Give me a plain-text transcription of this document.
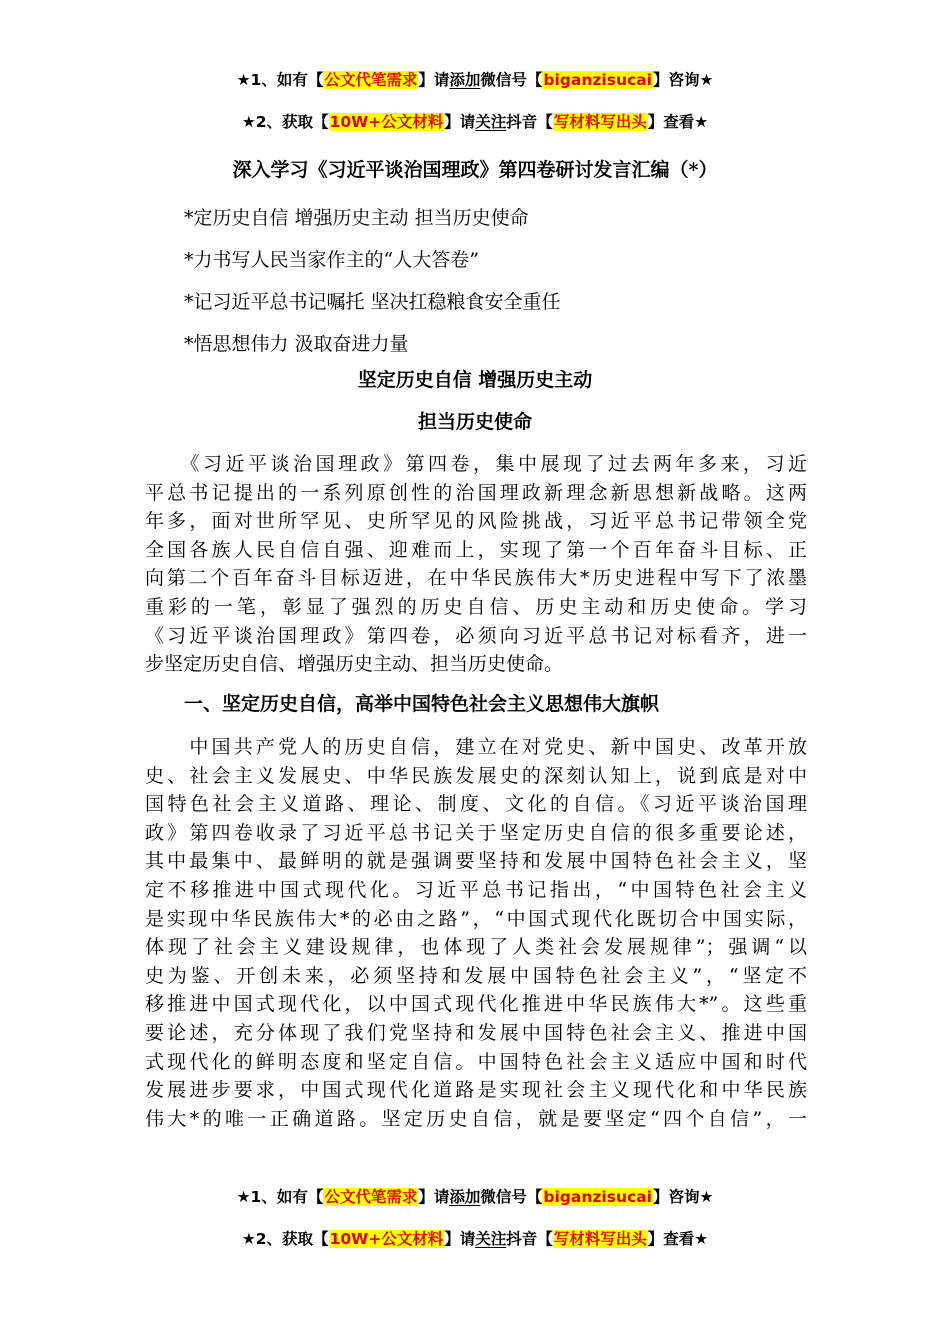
★1、如有【公文代笔需求】请添加微信号【biganzisucai】咨询★
★2、获取【10W+公文材料】请关注抖音【写材料写出头】查看★
深入学习《习近平谈治国理政》第四卷研讨发言汇编（*）
*定历史自信 增强历史主动 担当历史使命
*力书写人民当家作主的“人大答卷”
*记习近平总书记嘱托 坚决扛稳粮食安全重任
*悟思想伟力 汲取奋进力量
坚定历史自信 增强历史主动
担当历史使命
　　《习近平谈治国理政》第四卷，集中展现了过去两年多来，习近
平总书记提出的一系列原创性的治国理政新理念新思想新战略。这两
年多，面对世所罕见、史所罕见的风险挑战，习近平总书记带领全党
全国各族人民自信自强、迎难而上，实现了第一个百年奋斗目标、正
向第二个百年奋斗目标迈进，在中华民族伟大*历史进程中写下了浓墨
重彩的一笔，彰显了强烈的历史自信、历史主动和历史使命。学习
《习近平谈治国理政》第四卷，必须向习近平总书记对标看齐，进一
步坚定历史自信、增强历史主动、担当历史使命。
一、坚定历史自信，高举中国特色社会主义思想伟大旗帜
　　中国共产党人的历史自信，建立在对党史、新中国史、改革开放
史、社会主义发展史、中华民族发展史的深刻认知上，说到底是对中
国特色社会主义道路、理论、制度、文化的自信。《习近平谈治国理
政》第四卷收录了习近平总书记关于坚定历史自信的很多重要论述，
其中最集中、最鲜明的就是强调要坚持和发展中国特色社会主义，坚
定不移推进中国式现代化。习近平总书记指出，“中国特色社会主义
是实现中华民族伟大*的必由之路”，“中国式现代化既切合中国实际，
体现了社会主义建设规律，也体现了人类社会发展规律”；强调“以
史为鉴、开创未来，必须坚持和发展中国特色社会主义”，“坚定不
移推进中国式现代化，以中国式现代化推进中华民族伟大*”。这些重
要论述，充分体现了我们党坚持和发展中国特色社会主义、推进中国
式现代化的鲜明态度和坚定自信。中国特色社会主义适应中国和时代
发展进步要求，中国式现代化道路是实现社会主义现代化和中华民族
伟大*的唯一正确道路。坚定历史自信，就是要坚定“四个自信”，一
★1、如有【公文代笔需求】请添加微信号【biganzisucai】咨询★
★2、获取【10W+公文材料】请关注抖音【写材料写出头】查看★
